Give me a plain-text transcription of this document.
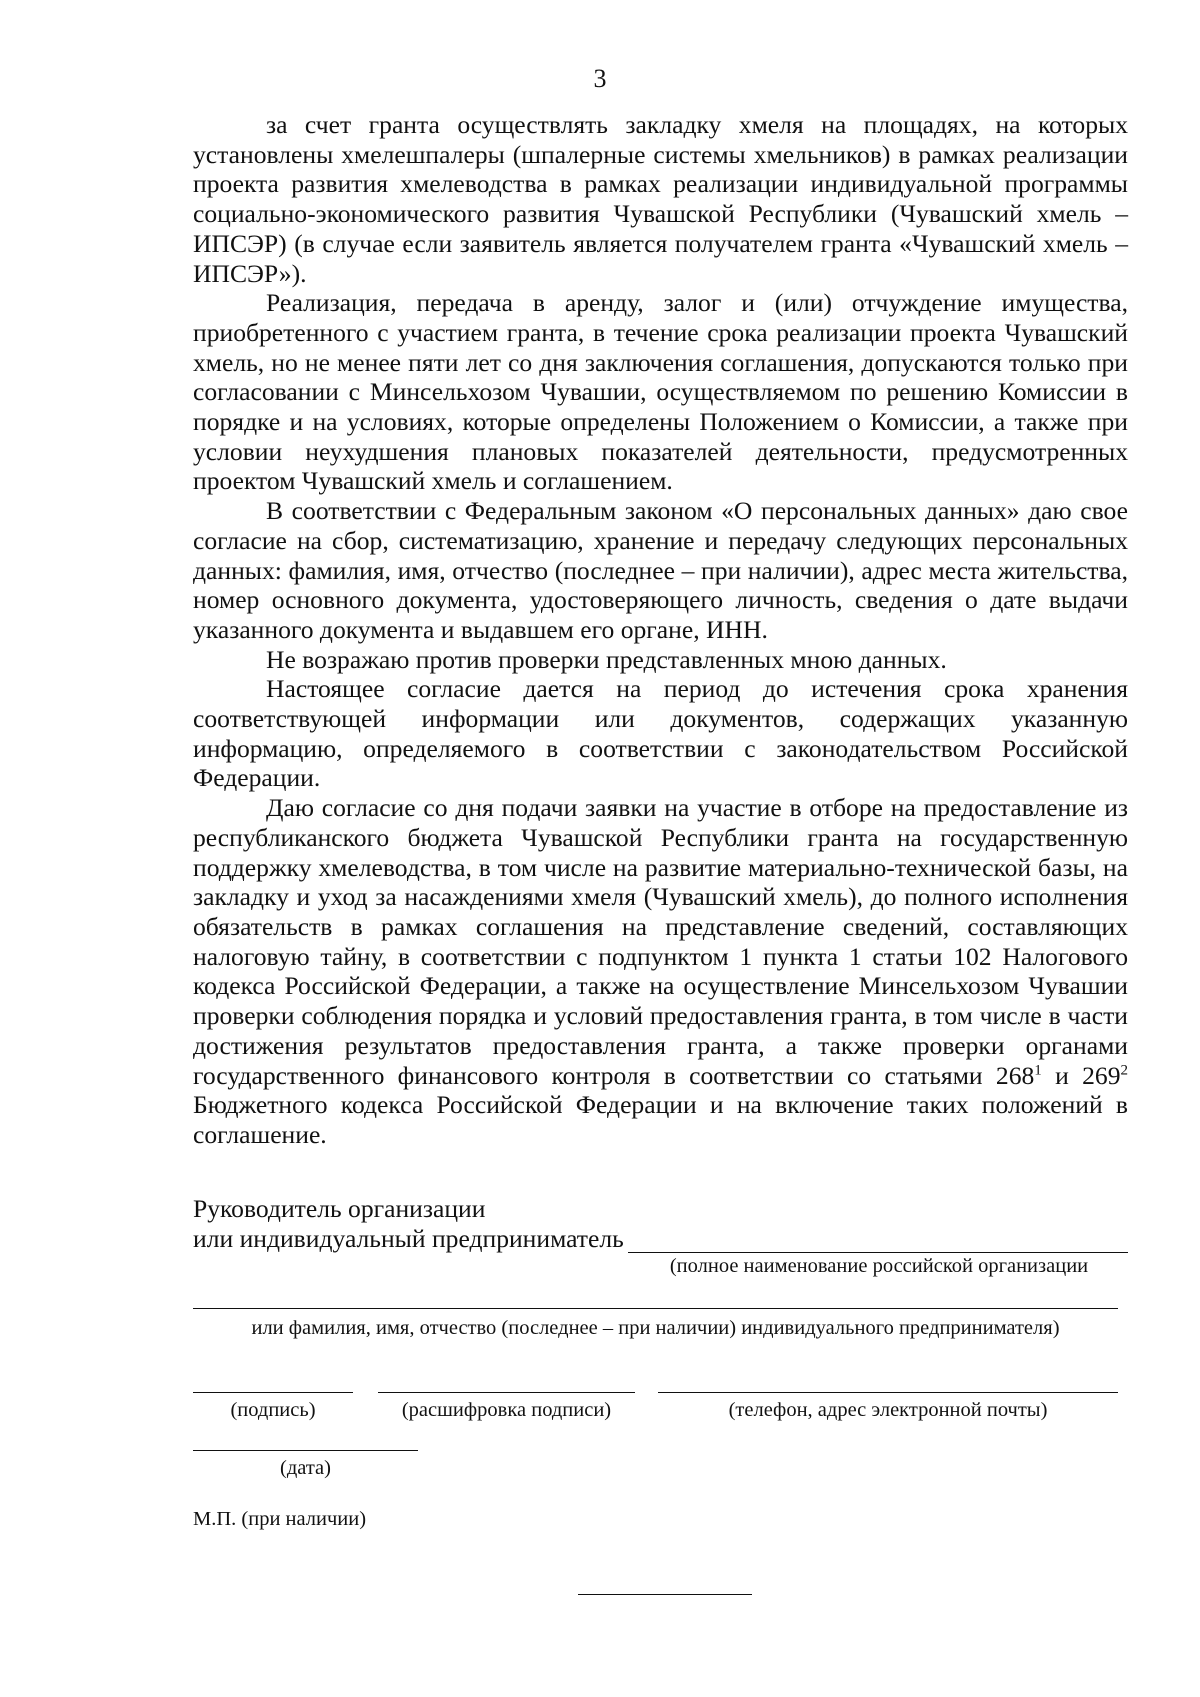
3

за счет гранта осуществлять закладку хмеля на площадях, на которых установлены хмелешпалеры (шпалерные системы хмельников) в рамках реализации проекта развития хмелеводства в рамках реализации индивидуальной программы социально-экономического развития Чувашской Республики (Чувашский хмель – ИПСЭР) (в случае если заявитель является получателем гранта «Чувашский хмель – ИПСЭР»).

Реализация, передача в аренду, залог и (или) отчуждение имущества, приобретенного с участием гранта, в течение срока реализации проекта Чувашский хмель, но не менее пяти лет со дня заключения соглашения, допускаются только при согласовании с Минсельхозом Чувашии, осуществляемом по решению Комиссии в порядке и на условиях, которые определены Положением о Комиссии, а также при условии неухудшения плановых показателей деятельности, предусмотренных проектом Чувашский хмель и соглашением.

В соответствии с Федеральным законом «О персональных данных» даю свое согласие на сбор, систематизацию, хранение и передачу следующих персональных данных: фамилия, имя, отчество (последнее – при наличии), адрес места жительства, номер основного документа, удостоверяющего личность, сведения о дате выдачи указанного документа и выдавшем его органе, ИНН.

Не возражаю против проверки представленных мною данных.

Настоящее согласие дается на период до истечения срока хранения соответствующей информации или документов, содержащих указанную информацию, определяемого в соответствии с законодательством Российской Федерации.

Даю согласие со дня подачи заявки на участие в отборе на предоставление из республиканского бюджета Чувашской Республики гранта на государственную поддержку хмелеводства, в том числе на развитие материально-технической базы, на закладку и уход за насаждениями хмеля (Чувашский хмель), до полного исполнения обязательств в рамках соглашения на представление сведений, составляющих налоговую тайну, в соответствии с подпунктом 1 пункта 1 статьи 102 Налогового кодекса Российской Федерации, а также на осуществление Минсельхозом Чувашии проверки соблюдения порядка и условий предоставления гранта, в том числе в части достижения результатов предоставления гранта, а также проверки органами государственного финансового контроля в соответствии со статьями $268^1$ и $269^2$ Бюджетного кодекса Российской Федерации и на включение таких положений в соглашение.

Руководитель организации
или индивидуальный предприниматель
(полное наименование российской организации
или фамилия, имя, отчество (последнее – при наличии) индивидуального предпринимателя)
(подпись)	(расшифровка подписи)	(телефон, адрес электронной почты)
(дата)
М.П. (при наличии)
